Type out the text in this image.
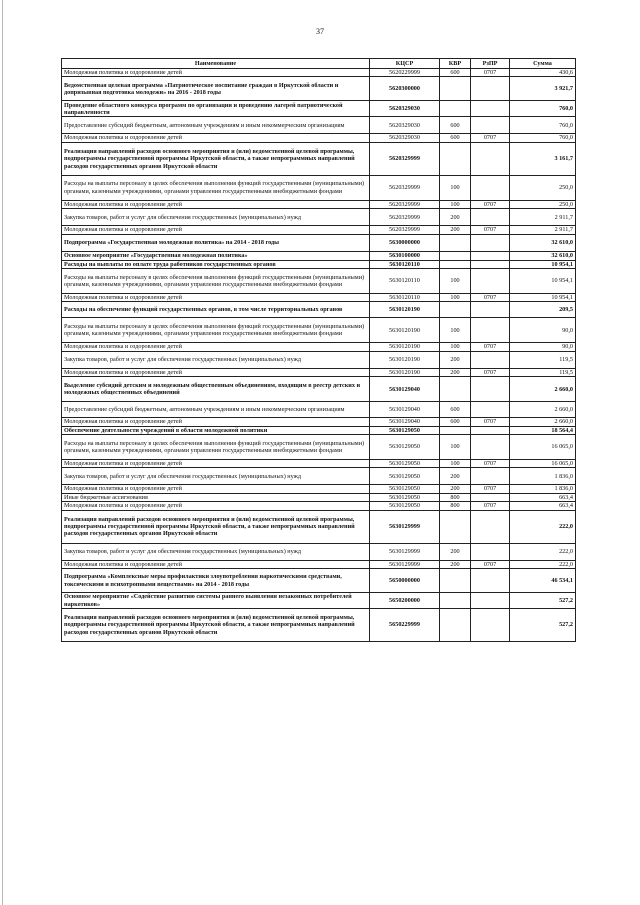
37
Наименование	КЦСР	КВР	РзПР	Сумма
Молодежная политика и оздоровление детей	5620229999	600	0707	430,6
Ведомственная целевая программа «Патриотическое воспитание граждан в Иркутской области и допризывная подготовка молодежи» на 2016 - 2018 годы	5620300000			3 921,7
Проведение областного конкурса программ по организации и проведению лагерей патриотической направленности	5620329030			760,0
Предоставление субсидий бюджетным, автономным учреждениям и иным некоммерческим организациям	5620329030	600		760,0
Молодежная политика и оздоровление детей	5620329030	600	0707	760,0
Реализация направлений расходов основного мероприятия и (или) ведомственной целевой программы, подпрограммы государственной программы Иркутской области, а также непрограммных направлений расходов государственных органов Иркутской области	5620329999			3 161,7
Расходы на выплаты персоналу в целях обеспечения выполнения функций государственными (муниципальными) органами, казенными учреждениями, органами управления государственными внебюджетными фондами	5620329999	100		250,0
Молодежная политика и оздоровление детей	5620329999	100	0707	250,0
Закупка товаров, работ и услуг для обеспечения государственных (муниципальных) нужд	5620329999	200		2 911,7
Молодежная политика и оздоровление детей	5620329999	200	0707	2 911,7
Подпрограмма «Государственная молодежная политика» на 2014 - 2018 годы	5630000000			32 610,0
Основное мероприятие «Государственная молодежная политика»	5630100000			32 610,0
Расходы на выплаты по оплате труда работников государственных органов	5630120110			10 954,1
Расходы на выплаты персоналу в целях обеспечения выполнения функций государственными (муниципальными) органами, казенными учреждениями, органами управления государственными внебюджетными фондами	5630120110	100		10 954,1
Молодежная политика и оздоровление детей	5630120110	100	0707	10 954,1
Расходы на обеспечение функций государственных органов, в том числе территориальных органов	5630120190			209,5
Расходы на выплаты персоналу в целях обеспечения выполнения функций государственными (муниципальными) органами, казенными учреждениями, органами управления государственными внебюджетными фондами	5630120190	100		90,0
Молодежная политика и оздоровление детей	5630120190	100	0707	90,0
Закупка товаров, работ и услуг для обеспечения государственных (муниципальных) нужд	5630120190	200		119,5
Молодежная политика и оздоровление детей	5630120190	200	0707	119,5
Выделение субсидий детским и молодежным общественным объединениям, входящим в реестр детских и молодежных общественных объединений	5630129040			2 660,0
Предоставление субсидий бюджетным, автономным учреждениям и иным некоммерческим организациям	5630129040	600		2 660,0
Молодежная политика и оздоровление детей	5630129040	600	0707	2 660,0
Обеспечение деятельности учреждений в области молодежной политики	5630129050			18 564,4
Расходы на выплаты персоналу в целях обеспечения выполнения функций государственными (муниципальными) органами, казенными учреждениями, органами управления государственными внебюджетными фондами	5630129050	100		16 065,0
Молодежная политика и оздоровление детей	5630129050	100	0707	16 065,0
Закупка товаров, работ и услуг для обеспечения государственных (муниципальных) нужд	5630129050	200		1 836,0
Молодежная политика и оздоровление детей	5630129050	200	0707	1 836,0
Иные бюджетные ассигнования	5630129050	800		663,4
Молодежная политика и оздоровление детей	5630129050	800	0707	663,4
Реализация направлений расходов основного мероприятия и (или) ведомственной целевой программы, подпрограммы государственной программы Иркутской области, а также непрограммных направлений расходов государственных органов Иркутской области	5630129999			222,0
Закупка товаров, работ и услуг для обеспечения государственных (муниципальных) нужд	5630129999	200		222,0
Молодежная политика и оздоровление детей	5630129999	200	0707	222,0
Подпрограмма «Комплексные меры профилактики злоупотребления наркотическими средствами, токсическими и психотропными веществами» на 2014 - 2018 годы	5650000000			46 534,1
Основное мероприятие «Содействие развитию системы раннего выявления незаконных потребителей наркотиков»	5650200000			527,2
Реализация направлений расходов основного мероприятия и (или) ведомственной целевой программы, подпрограммы государственной программы Иркутской области, а также непрограммных направлений расходов государственных органов Иркутской области	5650229999			527,2
